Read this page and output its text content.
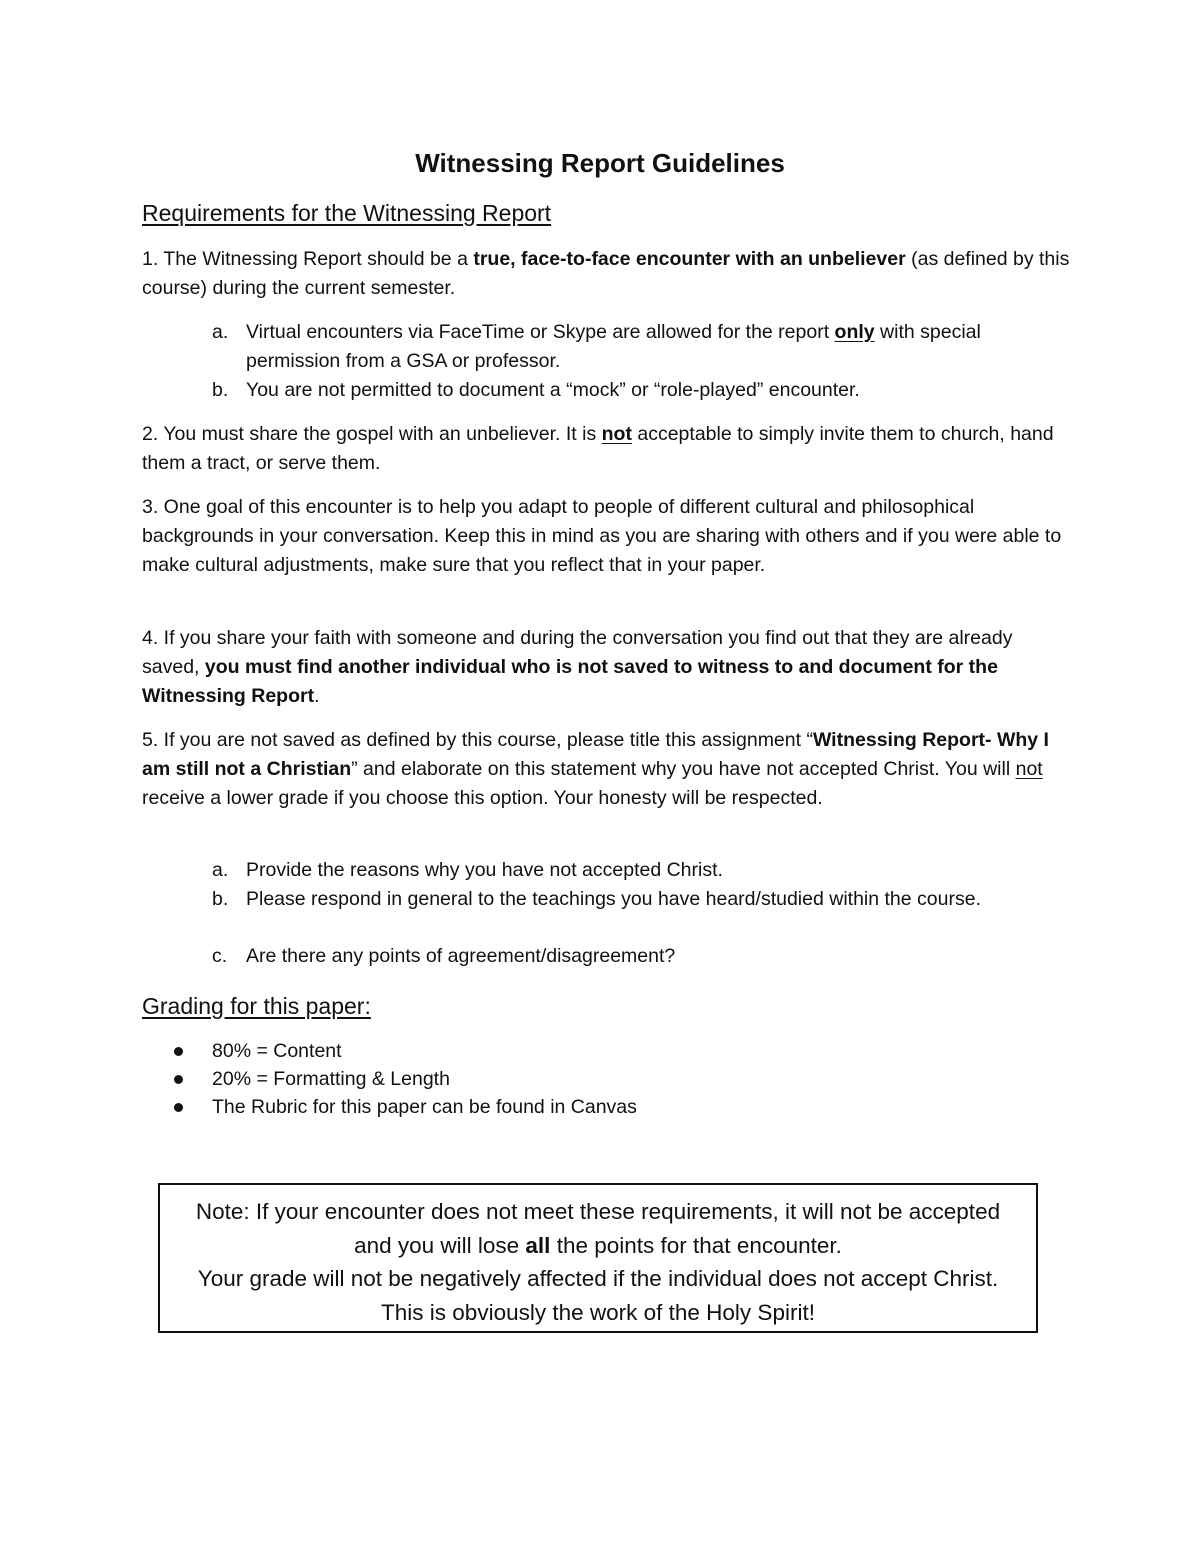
Witnessing Report Guidelines
Requirements for the Witnessing Report

1. The Witnessing Report should be a true, face-to-face encounter with an unbeliever (as defined by this course) during the current semester.

a. Virtual encounters via FaceTime or Skype are allowed for the report only with special permission from a GSA or professor.
b. You are not permitted to document a “mock” or “role-played” encounter.

2. You must share the gospel with an unbeliever. It is not acceptable to simply invite them to church, hand them a tract, or serve them.

3. One goal of this encounter is to help you adapt to people of different cultural and philosophical backgrounds in your conversation. Keep this in mind as you are sharing with others and if you were able to make cultural adjustments, make sure that you reflect that in your paper.

4. If you share your faith with someone and during the conversation you find out that they are already saved, you must find another individual who is not saved to witness to and document for the Witnessing Report.

5. If you are not saved as defined by this course, please title this assignment “Witnessing Report- Why I am still not a Christian” and elaborate on this statement why you have not accepted Christ. You will not receive a lower grade if you choose this option. Your honesty will be respected.

a. Provide the reasons why you have not accepted Christ.
b. Please respond in general to the teachings you have heard/studied within the course.
c. Are there any points of agreement/disagreement?
Grading for this paper:
80% = Content
20% = Formatting & Length
The Rubric for this paper can be found in Canvas

Note: If your encounter does not meet these requirements, it will not be accepted and you will lose all the points for that encounter.

Your grade will not be negatively affected if the individual does not accept Christ. This is obviously the work of the Holy Spirit!
